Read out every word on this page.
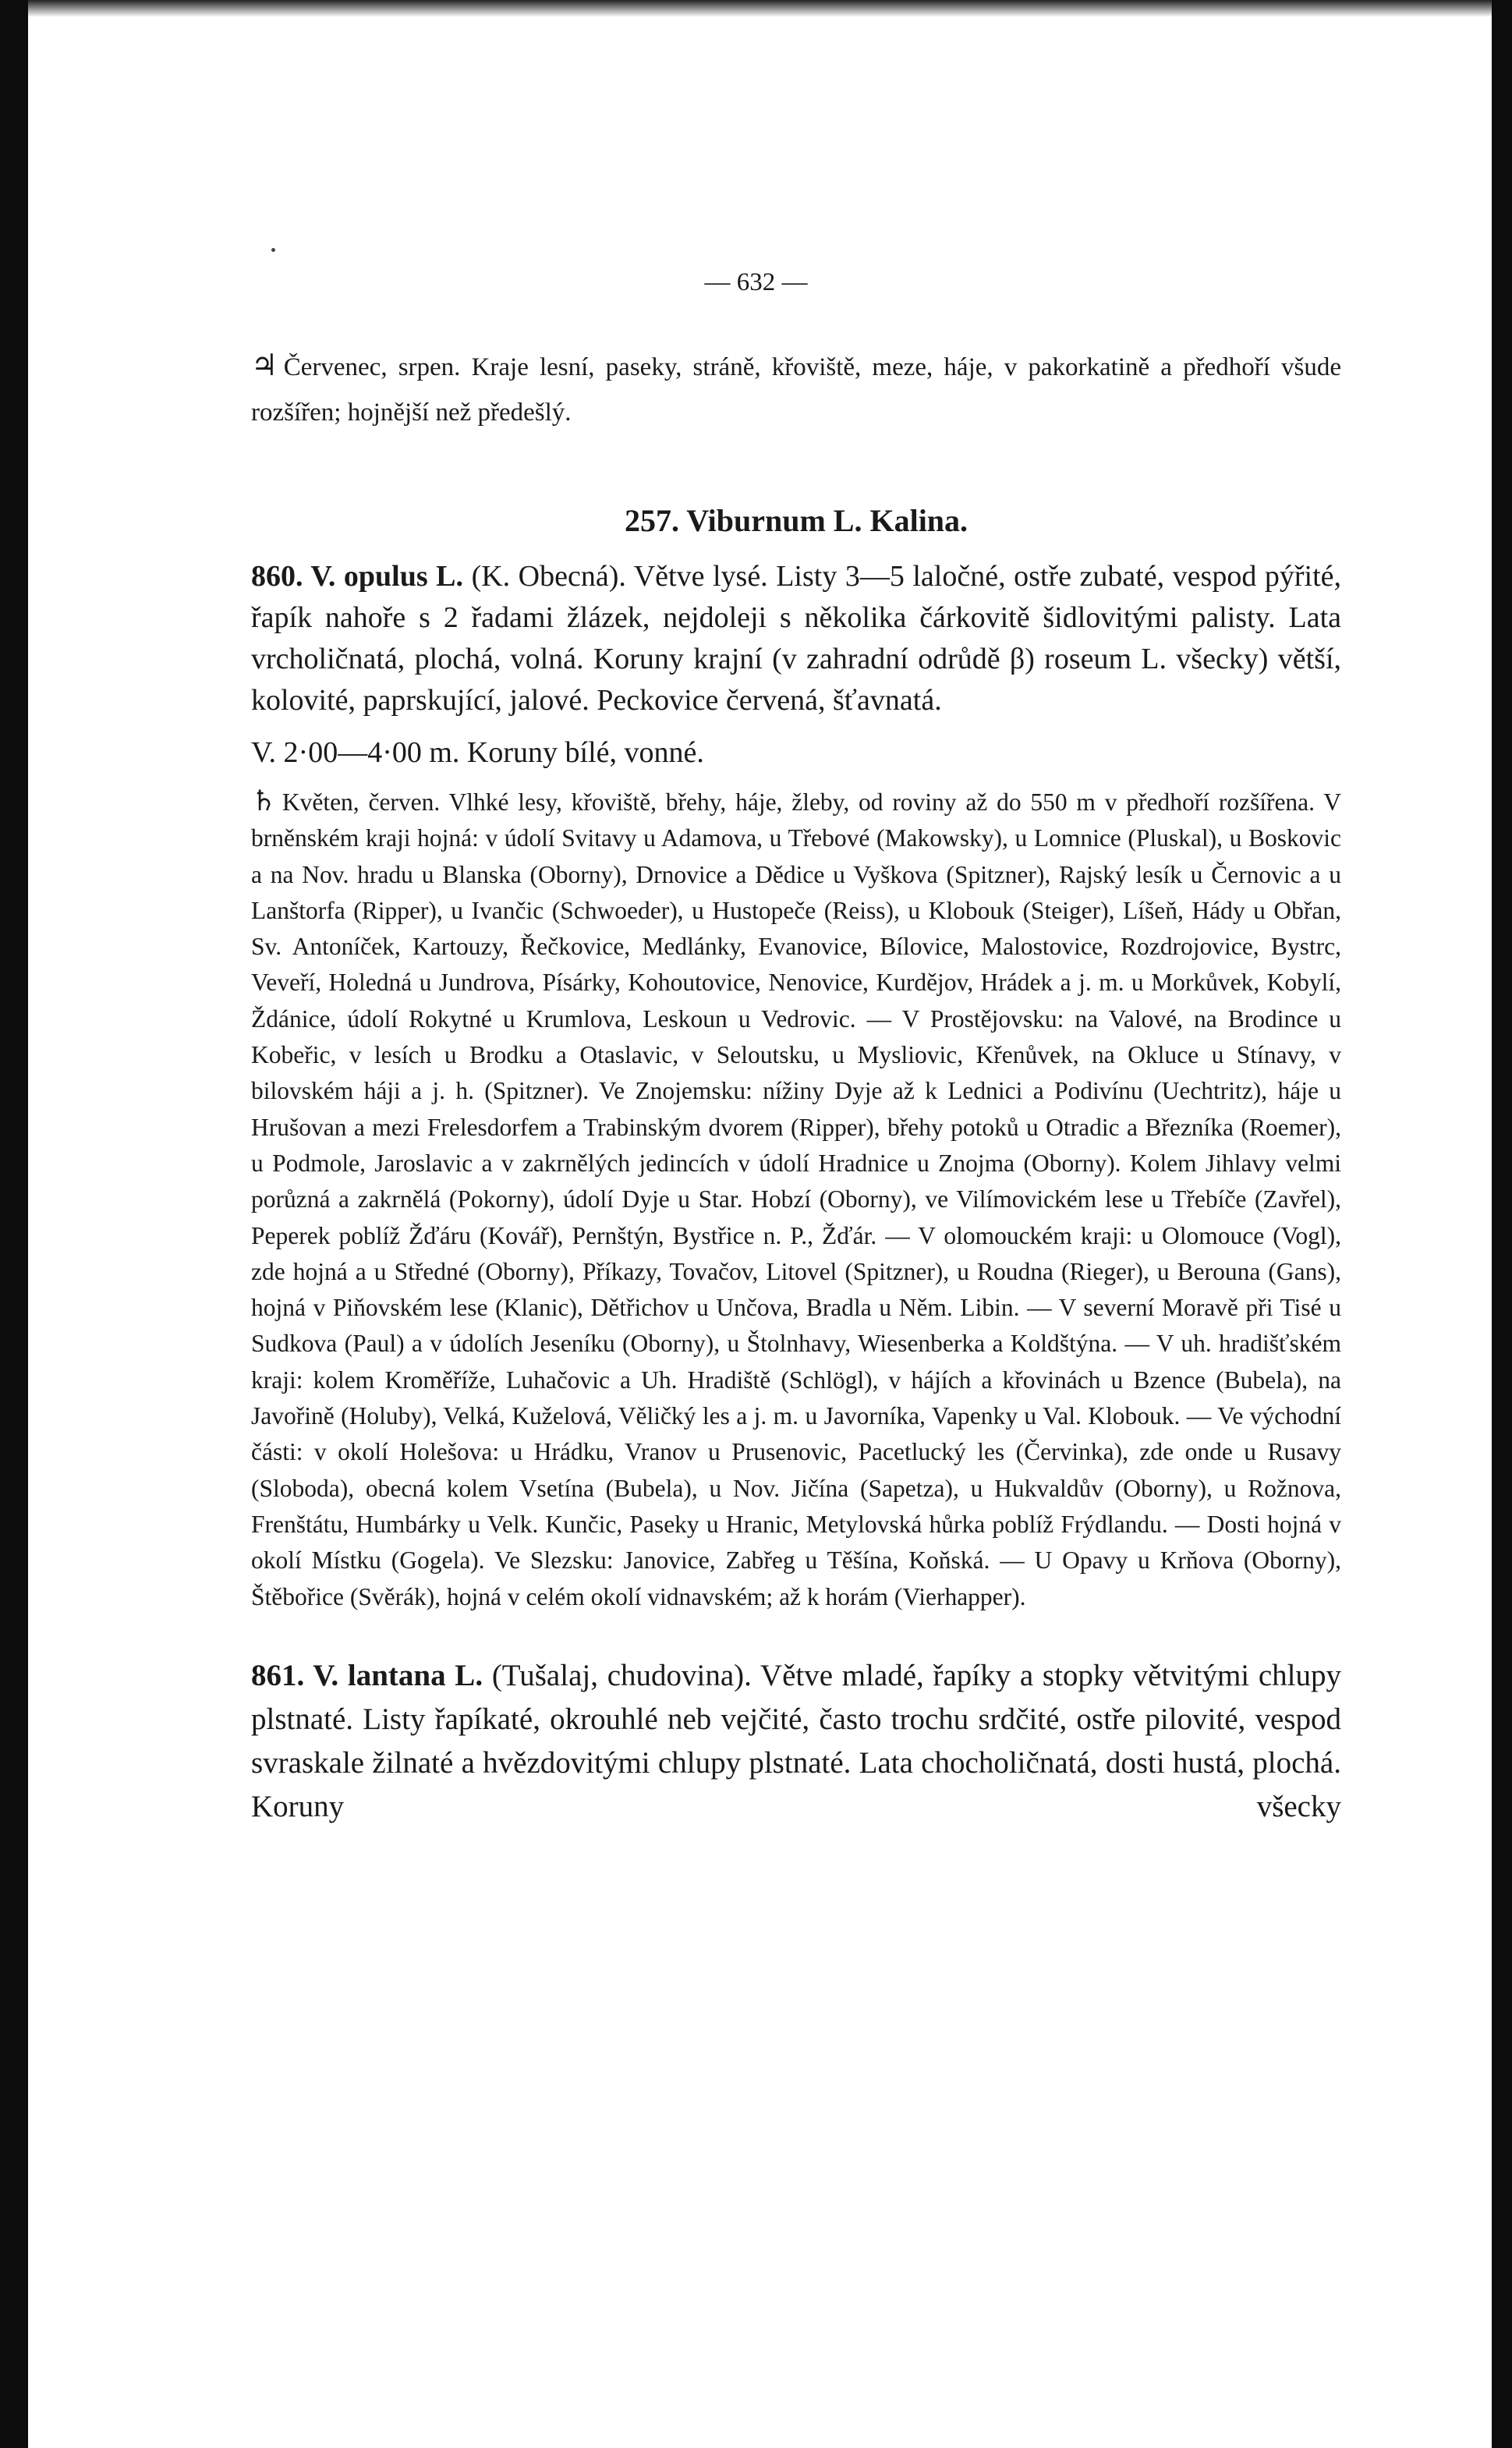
— 632 —

♃ Červenec, srpen. Kraje lesní, paseky, stráně, křoviště, meze, háje, v pakorkatině a předhoří všude rozšířen; hojnější než předešlý.

257. Viburnum L. Kalina.

860. V. opulus L. (K. Obecná). Větve lysé. Listy 3—5 laločné, ostře zubaté, vespod pýřité, řapík nahoře s 2 řadami žlázek, nejdoleji s několika čárkovitě šidlovitými palisty. Lata vrcholičnatá, plochá, volná. Koruny krajní (v zahradní odrůdě β) roseum L. všecky) větší, kolovité, paprskující, jalové. Peckovice červená, šťavnatá.

V. 2·00—4·00 m. Koruny bílé, vonné.

♄ Květen, červen. Vlhké lesy, křoviště, břehy, háje, žleby, od roviny až do 550 m v předhoří rozšířena. V brněnském kraji hojná: v údolí Svitavy u Adamova, u Třebové (Makowsky), u Lomnice (Pluskal), u Boskovic a na Nov. hradu u Blanska (Oborny), Drnovice a Dědice u Vyškova (Spitzner), Rajský lesík u Černovic a u Lanštorfa (Ripper), u Ivančic (Schwoeder), u Hustopeče (Reiss), u Klobouk (Steiger), Líšeň, Hády u Obřan, Sv. Antoníček, Kartouzy, Řečkovice, Medlánky, Evanovice, Bílovice, Malostovice, Rozdrojovice, Bystrc, Veveří, Holedná u Jundrova, Písárky, Kohoutovice, Nenovice, Kurdějov, Hrádek a j. m. u Morkůvek, Kobylí, Ždánice, údolí Rokytné u Krumlova, Leskoun u Vedrovic. — V Prostějovsku: na Valové, na Brodince u Kobeřic, v lesích u Brodku a Otaslavic, v Seloutsku, u Mysliovic, Křenůvek, na Okluce u Stínavy, v bilovském háji a j. h. (Spitzner). Ve Znojemsku: nížiny Dyje až k Lednici a Podivínu (Uechtritz), háje u Hrušovan a mezi Frelesdorfem a Trabinským dvorem (Ripper), břehy potoků u Otradic a Březníka (Roemer), u Podmole, Jaroslavic a v zakrnělých jedincích v údolí Hradnice u Znojma (Oborny). Kolem Jihlavy velmi porůzná a zakrnělá (Pokorny), údolí Dyje u Star. Hobzí (Oborny), ve Vilímovickém lese u Třebíče (Zavřel), Peperek poblíž Žďáru (Kovář), Pernštýn, Bystřice n. P., Žďár. — V olomouckém kraji: u Olomouce (Vogl), zde hojná a u Středné (Oborny), Příkazy, Tovačov, Litovel (Spitzner), u Roudna (Rieger), u Berouna (Gans), hojná v Piňovském lese (Klanic), Dětřichov u Unčova, Bradla u Něm. Libin. — V severní Moravě při Tisé u Sudkova (Paul) a v údolích Jeseníku (Oborny), u Štolnhavy, Wiesenberka a Koldštýna. — V uh. hradišťském kraji: kolem Kroměříže, Luhačovic a Uh. Hradiště (Schlögl), v hájích a křovinách u Bzence (Bubela), na Javořině (Holuby), Velká, Kuželová, Věličký les a j. m. u Javorníka, Vapenky u Val. Klobouk. — Ve východní části: v okolí Holešova: u Hrádku, Vranov u Prusenovic, Pacetlucký les (Červinka), zde onde u Rusavy (Sloboda), obecná kolem Vsetína (Bubela), u Nov. Jičína (Sapetza), u Hukvaldův (Oborny), u Rožnova, Frenštátu, Humbárky u Velk. Kunčic, Paseky u Hranic, Metylovská hůrka poblíž Frýdlandu. — Dosti hojná v okolí Místku (Gogela). Ve Slezsku: Janovice, Zabřeg u Těšína, Koňská. — U Opavy u Krňova (Oborny), Štěbořice (Svěrák), hojná v celém okolí vidnavském; až k horám (Vierhapper).

861. V. lantana L. (Tušalaj, chudovina). Větve mladé, řapíky a stopky větvitými chlupy plstnaté. Listy řapíkaté, okrouhlé neb vejčité, často trochu srdčité, ostře pilovité, vespod svraskale žilnaté a hvězdovitými chlupy plstnaté. Lata chocholičnatá, dosti hustá, plochá. Koruny všecky
